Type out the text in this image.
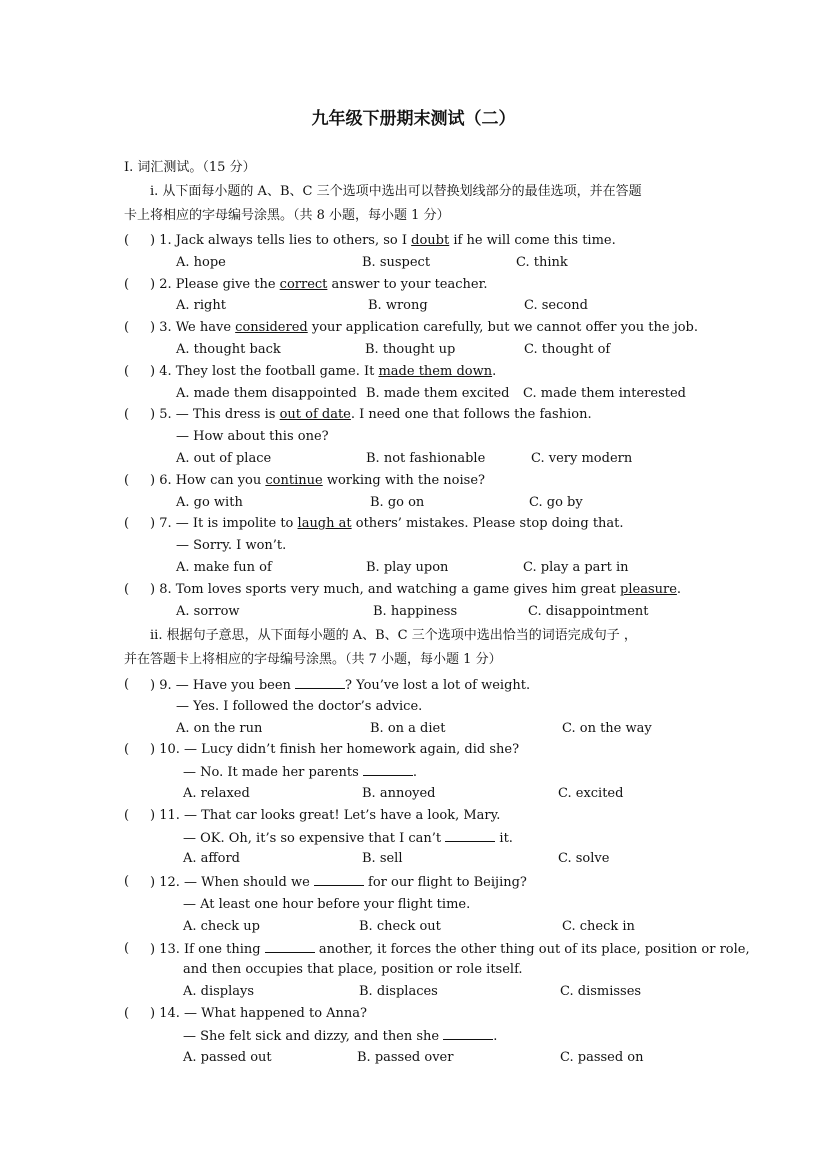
九年级下册期末测试（二）
I. 词汇测试。（15 分）
i. 从下面每小题的 A、B、C 三个选项中选出可以替换划线部分的最佳选项，并在答题
卡上将相应的字母编号涂黑。（共 8 小题，每小题 1 分）
( ) 1. Jack always tells lies to others, so I doubt if he will come this time.
A. hope	B. suspect	C. think
( ) 2. Please give the correct answer to your teacher.
A. right	B. wrong	C. second
( ) 3. We have considered your application carefully, but we cannot offer you the job.
A. thought back	B. thought up	C. thought of
( ) 4. They lost the football game. It made them down.
A. made them disappointed B. made them excited C. made them interested
( ) 5. — This dress is out of date. I need one that follows the fashion.
— How about this one?
A. out of place	B. not fashionable	C. very modern
( ) 6. How can you continue working with the noise?
A. go with	B. go on	C. go by
( ) 7. — It is impolite to laugh at others’ mistakes. Please stop doing that.
— Sorry. I won’t.
A. make fun of	B. play upon	C. play a part in
( ) 8. Tom loves sports very much, and watching a game gives him great pleasure.
A. sorrow	B. happiness	C. disappointment
ii. 根据句子意思，从下面每小题的 A、B、C 三个选项中选出恰当的词语完成句子 ，
并在答题卡上将相应的字母编号涂黑。（共 7 小题，每小题 1 分）
( ) 9. — Have you been	? You’ve lost a lot of weight.
— Yes. I followed the doctor’s advice.
A. on the run	B. on a diet	C. on the way
( ) 10. — Lucy didn’t finish her homework again, did she?
— No. It made her parents	.
A. relaxed	B. annoyed	C. excited
( ) 11. — That car looks great! Let’s have a look, Mary.
— OK. Oh, it’s so expensive that I can’t	it.
A. afford	B. sell	C. solve
( ) 12. — When should we	for our flight to Beijing?
— At least one hour before your flight time.
A. check up	B. check out	C. check in
( ) 13. If one thing	another, it forces the other thing out of its place, position or role,
and then occupies that place, position or role itself.
A. displays	B. displaces	C. dismisses
( ) 14. — What happened to Anna?
— She felt sick and dizzy, and then she	.
A. passed out	B. passed over	C. passed on
